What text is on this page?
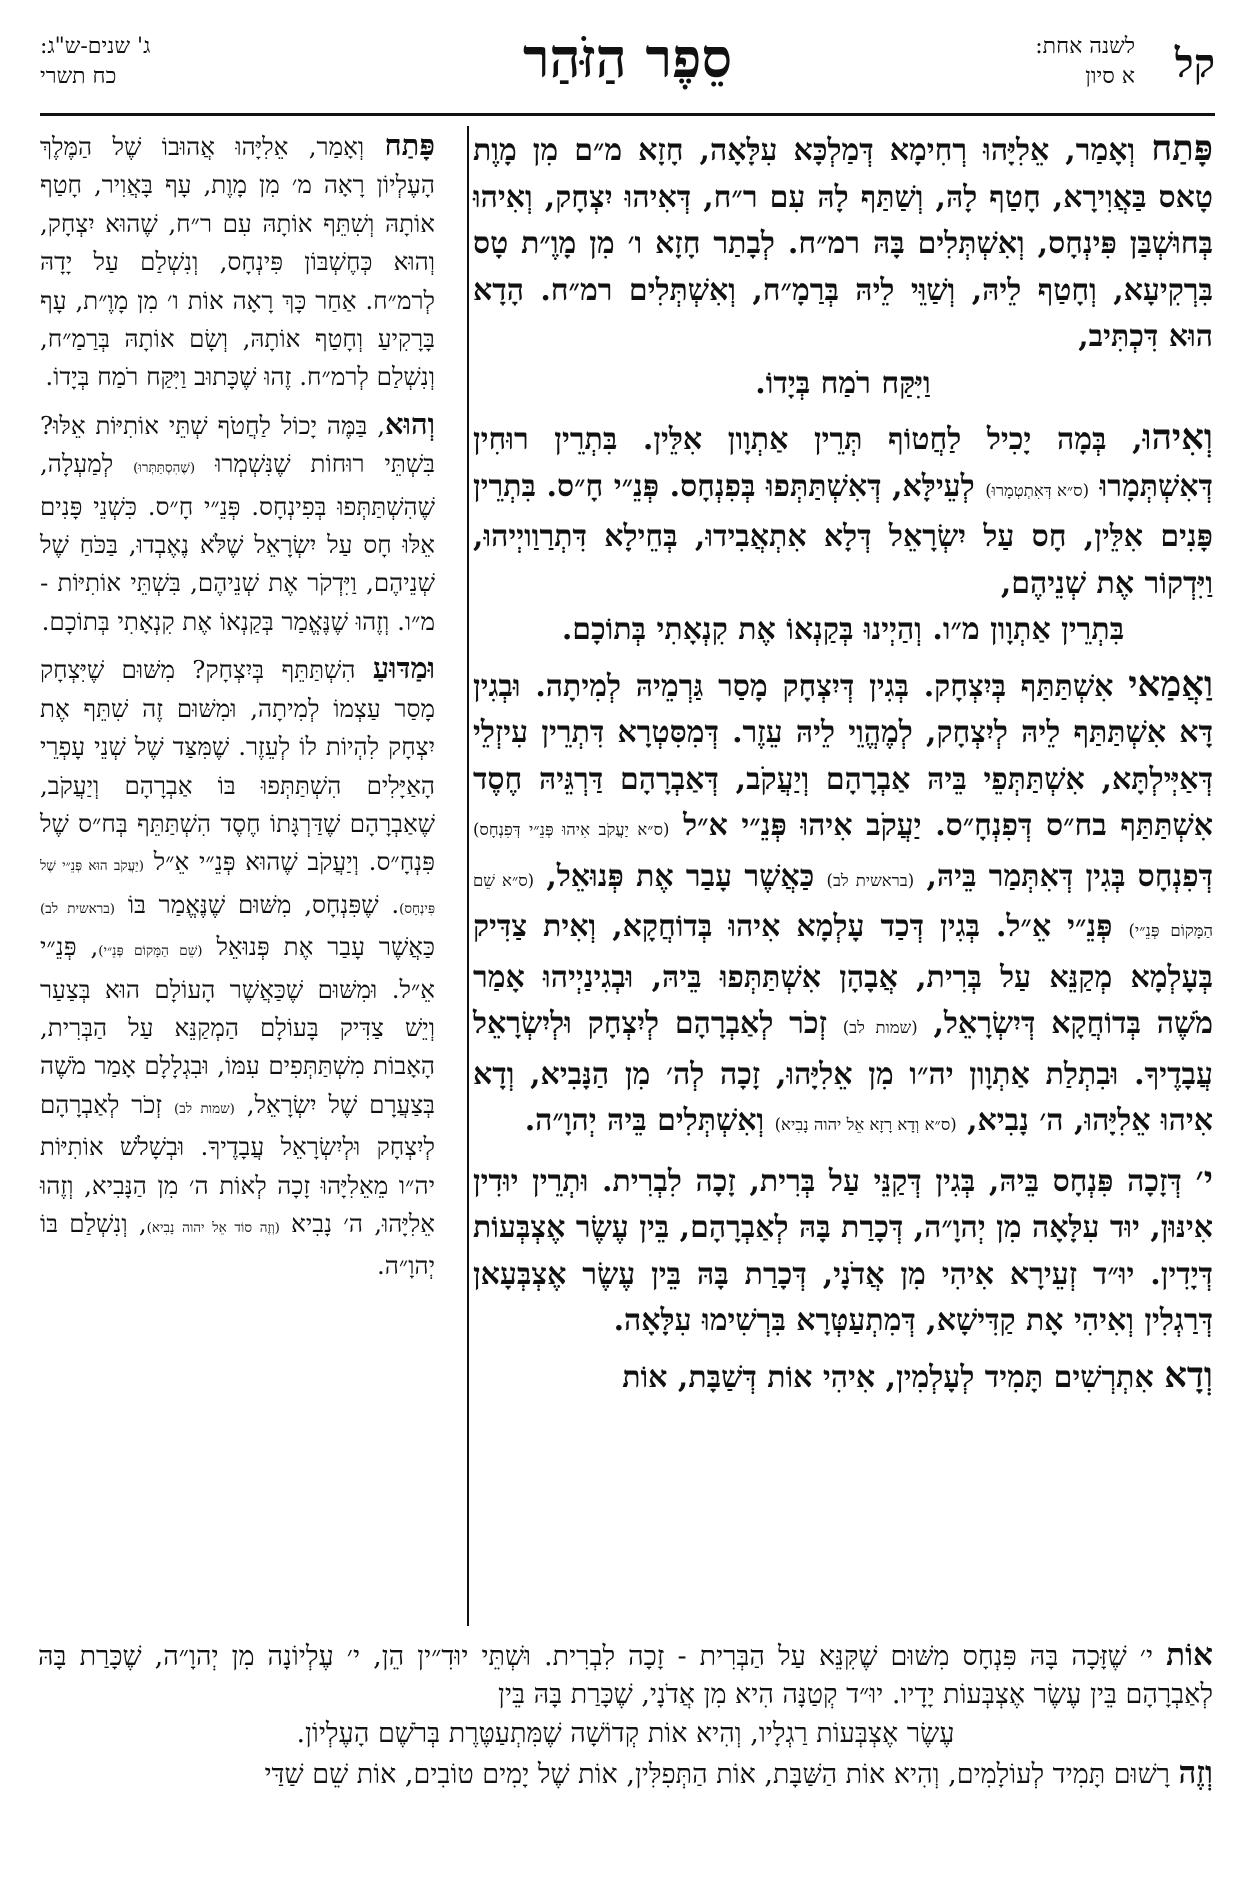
קל
לשנה אחת:
א סיון
סֵפֶר הַזֹּהַר
ג' שנים-ש"ג:
כח תשרי

פָּתַח וְאָמַר, אֵלִיָּהוּ רְחִימָא דְּמַלְכָּא עִלָּאָה, חָזָא מ״ם מִן מָוֶת טָאס בַּאֲוִירָא, חָטַף לָהּ, וְשַׁתַּף לָהּ עִם ר״ח, דְּאִיהוּ יִצְחָק, וְאִיהוּ בְּחוּשְׁבַּן פִּינְחָס, וְאִשְׁתְּלִים בָּהּ רמ״ח. לְבָתַר חָזָא ו׳ מִן מָוֶ״ת טָס בִּרְקִיעָא, וְחָטַף לֵיהּ, וְשַׁוֵּי לֵיהּ בְּרַמָ״ח, וְאִשְׁתְּלִים רמ״ח. הָדָא הוּא דִּכְתִּיב,
וַיִּקַּח רֹמַח בְּיָדוֹ.

וְאִיהוּ, בְּמָה יָכִיל לַחֲטוֹף תְּרֵין אַתְוָון אִלֵּין. בִּתְרֵין רוּחִין דְּאִשְׁתְּמָרוּ (ס״א דְּאִתְטְמָרוּ) לְעֵילָּא, דְּאִשְׁתַּתְּפוּ בְּפִנְחָס. פְּנֵ״י חָ״ס. בִּתְרֵין פָּנִים אִלֵּין, חָס עַל יִשְׂרָאֵל דְּלָא אִתְאֲבִידוּ, בְּחֵילָא דִּתְרַוַויְיהוּ, וַיִּדְקוֹר אֶת שְׁנֵיהֶם,
בִּתְרֵין אַתְוָון מ״ו. וְהַיְינוּ בְּקַנְאוֹ אֶת קִנְאָתִי בְּתוֹכָם.

וַאֲמַאי אִשְׁתַּתַּף בְּיִצְחָק. בְּגִין דְּיִצְחָק מָסַר גַּרְמֵיהּ לְמִיתָה. וּבְגִין דָּא אִשְׁתַּתַּף לֵיהּ לְיִצְחָק, לְמֶהֱוֵי לֵיהּ עֵזֶר. דְּמִסִּטְרָא דִּתְרֵין עִיזְלֵי דְּאַיְּילְתָּא, אִשְׁתַּתְּפֵי בֵּיהּ אַבְרָהָם וְיַעֲקֹב, דְּאַבְרָהָם דַּרְגֵּיהּ חֶסֶד אִשְׁתַּתַּף בח״ס דְּפִנְחָ״ס. יַעֲקֹב אִיהוּ פְּנֵ״י א״ל (ס״א יַעֲקֹב אִיהוּ פְּנֵ״י דְּפִנְחָס) דְּפִנְחָס בְּגִין דְּאִתְּמַר בֵּיהּ, (בראשית לב) כַּאֲשֶׁר עָבַר אֶת פְּנוּאֵל, (ס״א שֵׁם הַמָּקוֹם פְּנֵ״י) פְּנֵ״י אֵ״ל. בְּגִין דְּכַד עָלְמָא אִיהוּ בְּדוֹחֲקָא, וְאִית צַדִּיק בְּעָלְמָא מְקַנֵּא עַל בְּרִית, אֲבָהָן אִשְׁתַּתְּפוּ בֵּיהּ, וּבְגִינַיְיהוּ אָמַר מֹשֶׁה בְּדוֹחֲקָא דְּיִשְׂרָאֵל, (שמות לב) זְכֹר לְאַבְרָהָם לְיִצְחָק וּלְיִשְׂרָאֵל עֲבָדֶיךָ. וּבִתְלַת אַתְוָון יה״ו מִן אֵלִיָּהוּ, זָכָה לְה׳ מִן הַנָּבִיא, וְדָא אִיהוּ אֵלִיָּהוּ, ה׳ נָבִיא, (ס״א וְדָא רָזָא אֵל יהוה נָבִיא) וְאִשְׁתְּלִים בֵּיהּ יְהוָ״ה.

י׳ דְּזָכָה פִּנְחָס בֵּיהּ, בְּגִין דְּקַנֵּי עַל בְּרִית, זָכָה לִבְרִית. וּתְרֵין יוּדִין אִינּוּן, יוּד עִלָּאָה מִן יְהוָ״ה, דְּכָרַת בָּהּ לְאַבְרָהָם, בֵּין עֶשֶׂר אֶצְבְּעוֹת דְּיָדִין. יוּ״ד זְעֵירָא אִיהִי מִן אֲדֹנָי, דְּכָרַת בָּהּ בֵּין עֶשֶׂר אֶצְבְּעָאן דְּרַגְלִין וְאִיהִי אָת קַדִּישָׁא, דְּמִתְעַטְּרָא בִּרְשִׁימוּ עִלָּאָה.

וְדָא אִתְרְשִׁים תָּמִיד לְעָלְמִין, אִיהִי אוֹת דְּשַׁבָּת, אוֹת

פָּתַח וְאָמַר, אֵלִיָּהוּ אֲהוּבוֹ שֶׁל הַמֶּלֶךְ הָעֶלְיוֹן רָאָה מ׳ מִן מָוֶת, עָף בָּאֲוִיר, חָטַף אוֹתָהּ וְשִׁתֵּף אוֹתָהּ עִם ר״ח, שֶׁהוּא יִצְחָק, וְהוּא כְּחֶשְׁבּוֹן פִּינְחָס, וְנִשְׁלַם עַל יָדָהּ לְרמ״ח. אַחַר כָּךְ רָאָה אוֹת ו׳ מִן מָוֶ״ת, עָף בָּרָקִיעַ וְחָטַף אוֹתָהּ, וְשָׂם אוֹתָהּ בְּרַמַ״ח, וְנִשְׁלַם לְרמ״ח. זֶהוּ שֶׁכָּתוּב וַיִּקַּח רֹמַח בְּיָדוֹ.

וְהוּא, בַּמֶּה יָכוֹל לַחֲטֹף שְׁתֵּי אוֹתִיּוֹת אֵלּוּ? בִּשְׁתֵּי רוּחוֹת שֶׁנִּשְׁמְרוּ (שֶׁהִסְתַּתְּרוּ) לְמַעְלָה, שֶׁהִשְׁתַּתְּפוּ בְּפִינְחָס. פְּנֵ״י חָ״ס. כִּשְׁנֵי פָּנִים אֵלּוּ חָס עַל יִשְׂרָאֵל שֶׁלֹּא נֶאֶבְדוּ, בַּכֹּחַ שֶׁל שְׁנֵיהֶם, וַיִּדְקֹר אֶת שְׁנֵיהֶם, בִּשְׁתֵּי אוֹתִיּוֹת - מ״ו. וְזֶהוּ שֶׁנֶּאֱמַר בְּקַנְאוֹ אֶת קִנְאָתִי בְּתוֹכָם.

וּמַדּוּעַ הִשְׁתַּתֵּף בְּיִצְחָק? מִשּׁוּם שֶׁיִּצְחָק מָסַר עַצְמוֹ לְמִיתָה, וּמִשּׁוּם זֶה שִׁתֵּף אֶת יִצְחָק לִהְיוֹת לוֹ לְעֵזֶר. שֶׁמִּצַּד שֶׁל שְׁנֵי עָפְרֵי הָאַיָּלִים הִשְׁתַּתְּפוּ בּוֹ אַבְרָהָם וְיַעֲקֹב, שֶׁאַבְרָהָם שֶׁדַּרְגָּתוֹ חֶסֶד הִשְׁתַּתֵּף בְּח״ס שֶׁל פִּנְחָ״ס. וְיַעֲקֹב שֶׁהוּא פְּנֵ״י אֵ״ל (יַעֲקֹב הוּא פְּנֵ״י שֶׁל פִּינְחָס). שֶׁפִּנְחָס, מִשּׁוּם שֶׁנֶּאֱמַר בּוֹ (בראשית לב) כַּאֲשֶׁר עָבַר אֶת פְּנוּאֵל (שֵׁם הַמָּקוֹם פְּנֵ״י), פְּנֵ״י אֵ״ל. וּמִשּׁוּם שֶׁכַּאֲשֶׁר הָעוֹלָם הוּא בְּצַעַר וְיֵשׁ צַדִּיק בָּעוֹלָם הַמְקַנֵּא עַל הַבְּרִית, הָאָבוֹת מִשְׁתַּתְּפִים עִמּוֹ, וּבִגְלָלָם אָמַר מֹשֶׁה בְּצַעֲרָם שֶׁל יִשְׂרָאֵל, (שמות לב) זְכֹר לְאַבְרָהָם לְיִצְחָק וּלְיִשְׂרָאֵל עֲבָדֶיךָ. וּבְשָׁלֹשׁ אוֹתִיּוֹת יה״ו מֵאֵלִיָּהוּ זָכָה לְאוֹת ה׳ מִן הַנָּבִיא, וְזֶהוּ אֵלִיָּהוּ, ה׳ נָבִיא (וְזֶה סוֹד אֵל יהוה נָבִיא), וְנִשְׁלַם בּוֹ יְהוָ״ה.

אוֹת י׳ שֶׁזָּכָה בָּהּ פִּנְחָס מִשּׁוּם שֶׁקִּנֵּא עַל הַבְּרִית - זָכָה לִבְרִית. וּשְׁתֵּי יוּדִ״ין הֵן, י׳ עֶלְיוֹנָה מִן יְהוָ״ה, שֶׁכָּרַת בָּהּ לְאַבְרָהָם בֵּין עֶשֶׂר אֶצְבְּעוֹת יָדָיו. יוּ״ד קְטַנָּה הִיא מִן אֲדֹנָי, שֶׁכָּרַת בָּהּ בֵּין

עֶשֶׂר אֶצְבְּעוֹת רַגְלָיו, וְהִיא אוֹת קְדוֹשָׁה שֶׁמִּתְעַטֶּרֶת בְּרֹשֶׁם הָעֶלְיוֹן.

וְזֶה רָשׁוּם תָּמִיד לְעוֹלָמִים, וְהִיא אוֹת הַשַּׁבָּת, אוֹת הַתְּפִלִּין, אוֹת שֶׁל יָמִים טוֹבִים, אוֹת שֵׁם שַׁדַּי
